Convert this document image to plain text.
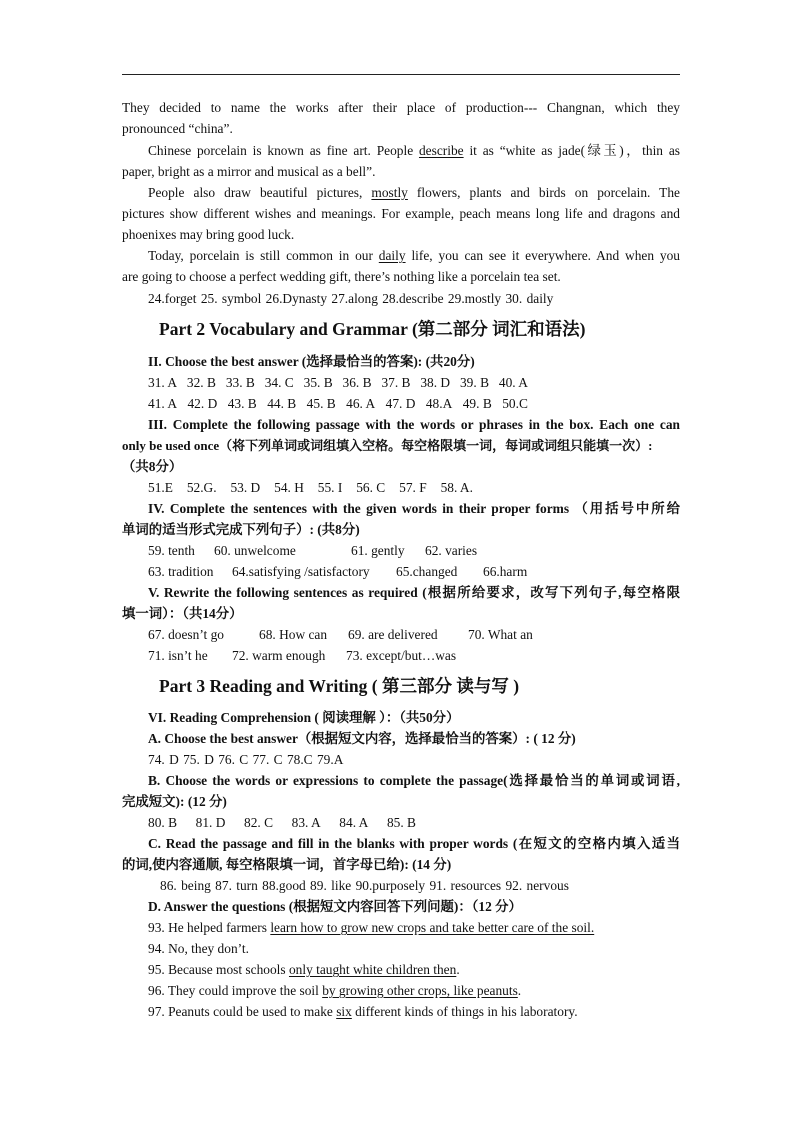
They decided to name the works after their place of production--- Changnan, which they
pronounced “china”.
Chinese porcelain is known as fine art. People describe it as “white as jade(绿玉)，thin as
paper, bright as a mirror and musical as a bell”.
People also draw beautiful pictures, mostly flowers, plants and birds on porcelain. The
pictures show different wishes and meanings. For example, peach means long life and dragons and
phoenixes may bring good luck.
Today, porcelain is still common in our daily life, you can see it everywhere. And when you
are going to choose a perfect wedding gift, there’s nothing like a porcelain tea set.
24.forget 25. symbol 26.Dynasty 27.along 28.describe 29.mostly 30. daily
Part 2 Vocabulary and Grammar (第二部分 词汇和语法)
II. Choose the best answer (选择最恰当的答案): (共20分)
31. A 32. B 33. B 34. C 35. B 36. B 37. B 38. D 39. B 40. A
41. A 42. D 43. B 44. B 45. B 46. A 47. D 48.A 49. B 50.C
III. Complete the following passage with the words or phrases in the box. Each one can
only be used once（将下列单词或词组填入空格。每空格限填一词，每词或词组只能填一次）:
（共8分）
51.E 52.G. 53. D 54. H 55. I 56. C 57. F 58. A.
IV. Complete the sentences with the given words in their proper forms （用括号中所给
单词的适当形式完成下列句子）: (共8分)
59. tenth 60. unwelcome	61. gently 62. varies
63. tradition 64.satisfying /satisfactory 65.changed 66.harm
V. Rewrite the following sentences as required (根据所给要求，改写下列句子,每空格限
填一词）：（共14分）
67. doesn’t go	68. How can 69. are delivered 70. What an
71. isn’t he 72. warm enough 73. except/but…was
Part 3 Reading and Writing ( 第三部分 读与写 )
VI. Reading Comprehension ( 阅读理解 ）：（共50分）
A. Choose the best answer（根据短文内容，选择最恰当的答案）: ( 12 分)
74. D 75. D 76. C 77. C 78.C 79.A
B. Choose the words or expressions to complete the passage(选择最恰当的单词或词语,
完成短文): (12 分)
80. B 81. D 82. C 83. A 84. A 85. B
C. Read the passage and fill in the blanks with proper words (在短文的空格内填入适当
的词,使内容通顺, 每空格限填一词，首字母已给): (14 分)
86. being 87. turn 88.good 89. like 90.purposely 91. resources 92. nervous
D. Answer the questions (根据短文内容回答下列问题)：（12 分）
93. He helped farmers learn how to grow new crops and take better care of the soil.
94. No, they don’t.
95. Because most schools only taught white children then.
96. They could improve the soil by growing other crops, like peanuts.
97. Peanuts could be used to make six different kinds of things in his laboratory.
